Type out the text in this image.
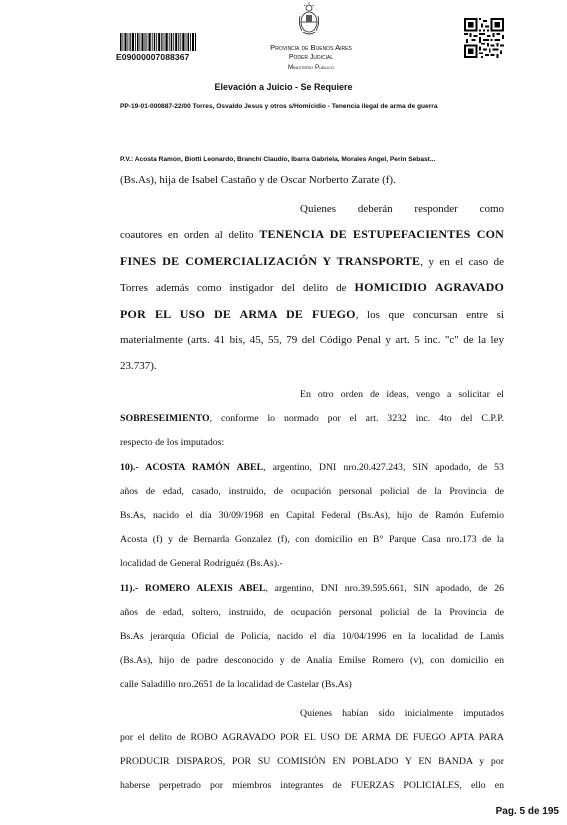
E09000007088367
Provincia de Buenos Aires
Poder Judicial
Ministerio Público
Elevación a Juicio - Se Requiere
PP-19-01-000887-22/00 Torres, Osvaldo Jesus y otros s/Homicidio - Tenencia ilegal de arma de guerra
P.V.: Acosta Ramon, Biotti Leonardo, Branchi Claudio, Ibarra Gabriela, Morales Angel, Perin Sebast...

(Bs.As), hija de Isabel Castaño y de Oscar Norberto Zarate (f).

Quienes deberán responder como

coautores en orden al delito TENENCIA DE ESTUPEFACIENTES CON

FINES DE COMERCIALIZACIÓN Y TRANSPORTE, y en el caso de

Torres además como instigador del delito de HOMICIDIO AGRAVADO

POR EL USO DE ARMA DE FUEGO, los que concursan entre si

materialmente (arts. 41 bis, 45, 55, 79 del Código Penal y art. 5 inc. "c" de la ley

23.737).

En otro orden de ideas, vengo a solicitar el

SOBRESEIMIENTO, conforme lo normado por el art. 3232 inc. 4to del C.P.P.

respecto de los imputados:

10).- ACOSTA RAMÓN ABEL, argentino, DNI nro.20.427.243, SIN apodado, de 53

años de edad, casado, instruido, de ocupación personal policial de la Provincia de

Bs.As, nacido el día 30/09/1968 en Capital Federal (Bs.As), hijo de Ramón Eufemio

Acosta (f) y de Bernarda Gonzalez (f), con domicilio en B° Parque Casa nro.173 de la

localidad de General Rodriguéz (Bs.As).-

11).- ROMERO ALEXIS ABEL, argentino, DNI nro.39.595.661, SIN apodado, de 26

años de edad, soltero, instruido, de ocupación personal policial de la Provincia de

Bs.As jerarquía Oficial de Policía, nacido el día 10/04/1996 en la localidad de Lanús

(Bs.As), hijo de padre desconocido y de Analía Emilse Romero (v), con domicilio en

calle Saladillo nro.2651 de la localidad de Castelar (Bs.As)

Quienes habían sido inicialmente imputados

por el delito de ROBO AGRAVADO POR EL USO DE ARMA DE FUEGO APTA PARA

PRODUCIR DISPAROS, POR SU COMISIÓN EN POBLADO Y EN BANDA y por

haberse perpetrado por miembros integrantes de FUERZAS POLICIALES, ello en

Pag. 5 de 195
